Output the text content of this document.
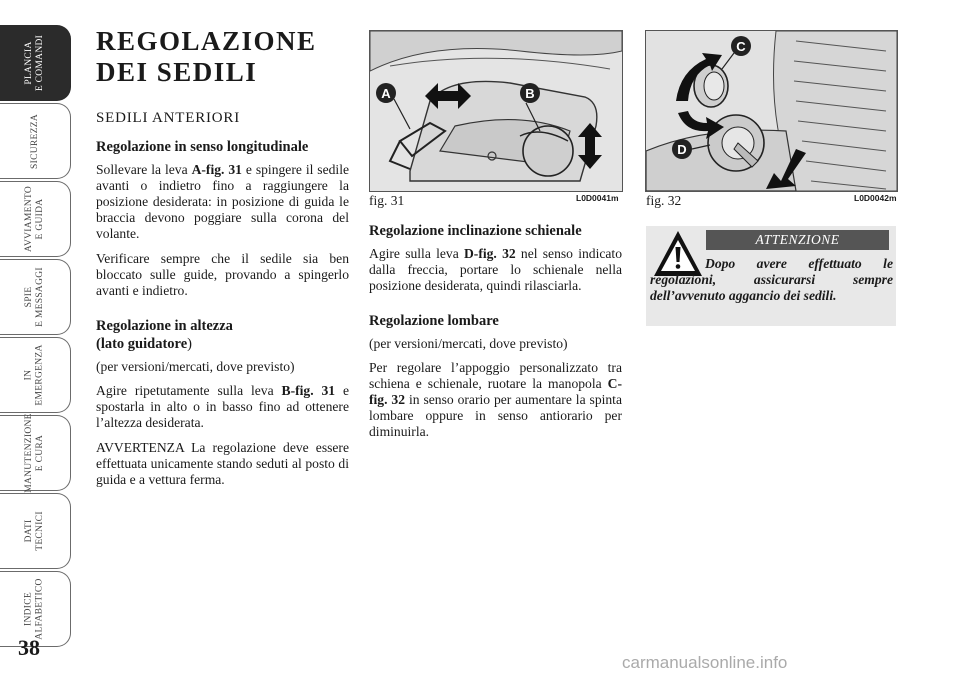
PLANCIA
E COMANDI
SICUREZZA
AVVIAMENTO
E GUIDA
SPIE
E MESSAGGI
IN
EMERGENZA
MANUTENZIONE
E CURA
DATI
TECNICI
INDICE
ALFABETICO
38
REGOLAZIONE
DEI SEDILI
SEDILI ANTERIORI
Regolazione in senso longitudinale

Sollevare la leva A-fig. 31 e spingere il sedile avanti o indietro fino a raggiungere la posizione desiderata: in posizione di guida le braccia devono poggiare sulla corona del volante.

Verificare sempre che il sedile sia ben bloccato sulle guide, provando a spingerlo avanti e indietro.

Regolazione in altezza
(lato guidatore)
(per versioni/mercati, dove previsto)

Agire ripetutamente sulla leva B-fig. 31 e spostarla in alto o in basso fino ad ottenere l’altezza desiderata.

AVVERTENZA La regolazione deve essere effettuata unicamente stando seduti al posto di guida e a vettura ferma.

A	B
fig. 31	L0D0041m
C
D
fig. 32	L0D0042m
Regolazione inclinazione schienale

Agire sulla leva D-fig. 32 nel senso indicato dalla freccia, portare lo schienale nella posizione desiderata, quindi rilasciarla.

Regolazione lombare
(per versioni/mercati, dove previsto)

Per regolare l’appoggio personalizzato tra schiena e schienale, ruotare la manopola C-fig. 32 in senso orario per aumentare la spinta lombare oppure in senso antiorario per diminuirla.

ATTENZIONE

Dopo avere effettuato le regolazioni, assicurarsi sempre dell’avvenuto aggancio dei sedili.

carmanualsonline.info
